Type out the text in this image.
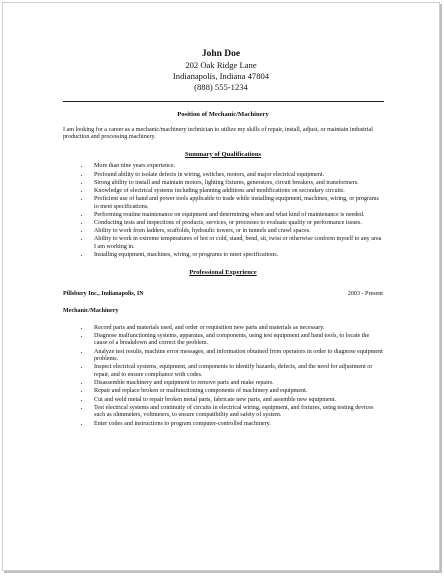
John Doe
202 Oak Ridge Lane
Indianapolis, Indiana 47804
(888) 555-1234
Position of Mechanic/Machinery

I am looking for a career as a mechanic/machinery technician to utilize my skills of repair, install, adjust, or maintain industrial production and processing machinery.

Summary of Qualifications
• More than nine years experience.
• Profound ability to isolate defects in wiring, switches, motors, and major electrical equipment.
• Strong ability to install and maintain motors, lighting fixtures, generators, circuit breakers, and transformers.
• Knowledge of electrical systems including planning additions and modifications on secondary circuits.
• Proficient use of hand and power tools applicable to trade while installing equipment, machines, wiring, or programs to meet specifications.
• Performing routine maintenance on equipment and determining when and what kind of maintenance is needed.
• Conducting tests and inspections of products, services, or processes to evaluate quality or performance issues.
• Ability to work from ladders, scaffolds, hydraulic towers, or in tunnels and crawl spaces.
• Ability to work in extreme temperatures of hot or cold, stand, bend, sit, twist or otherwise conform myself to any area I am working in.
• Installing equipment, machines, wiring, or programs to meet specifications.
Professional Experience
Pillsbury Inc., Indianapolis, IN	2003 - Present
Mechanic/Machinery
• Record parts and materials used, and order or requisition new parts and materials as necessary.
• Diagnose malfunctioning systems, apparatus, and components, using test equipment and hand tools, to locate the cause of a breakdown and correct the problem.
• Analyze test results, machine error messages, and information obtained from operators in order to diagnose equipment problems.
• Inspect electrical systems, equipment, and components to identify hazards, defects, and the need for adjustment or repair, and to ensure compliance with codes.
• Disassemble machinery and equipment to remove parts and make repairs.
• Repair and replace broken or malfunctioning components of machinery and equipment.
• Cut and weld metal to repair broken metal parts, fabricate new parts, and assemble new equipment.
• Test electrical systems and continuity of circuits in electrical wiring, equipment, and fixtures, using testing devices such as ohmmeters, voltmeters, to ensure compatibility and safety of system.
• Enter codes and instructions to program computer-controlled machinery.
